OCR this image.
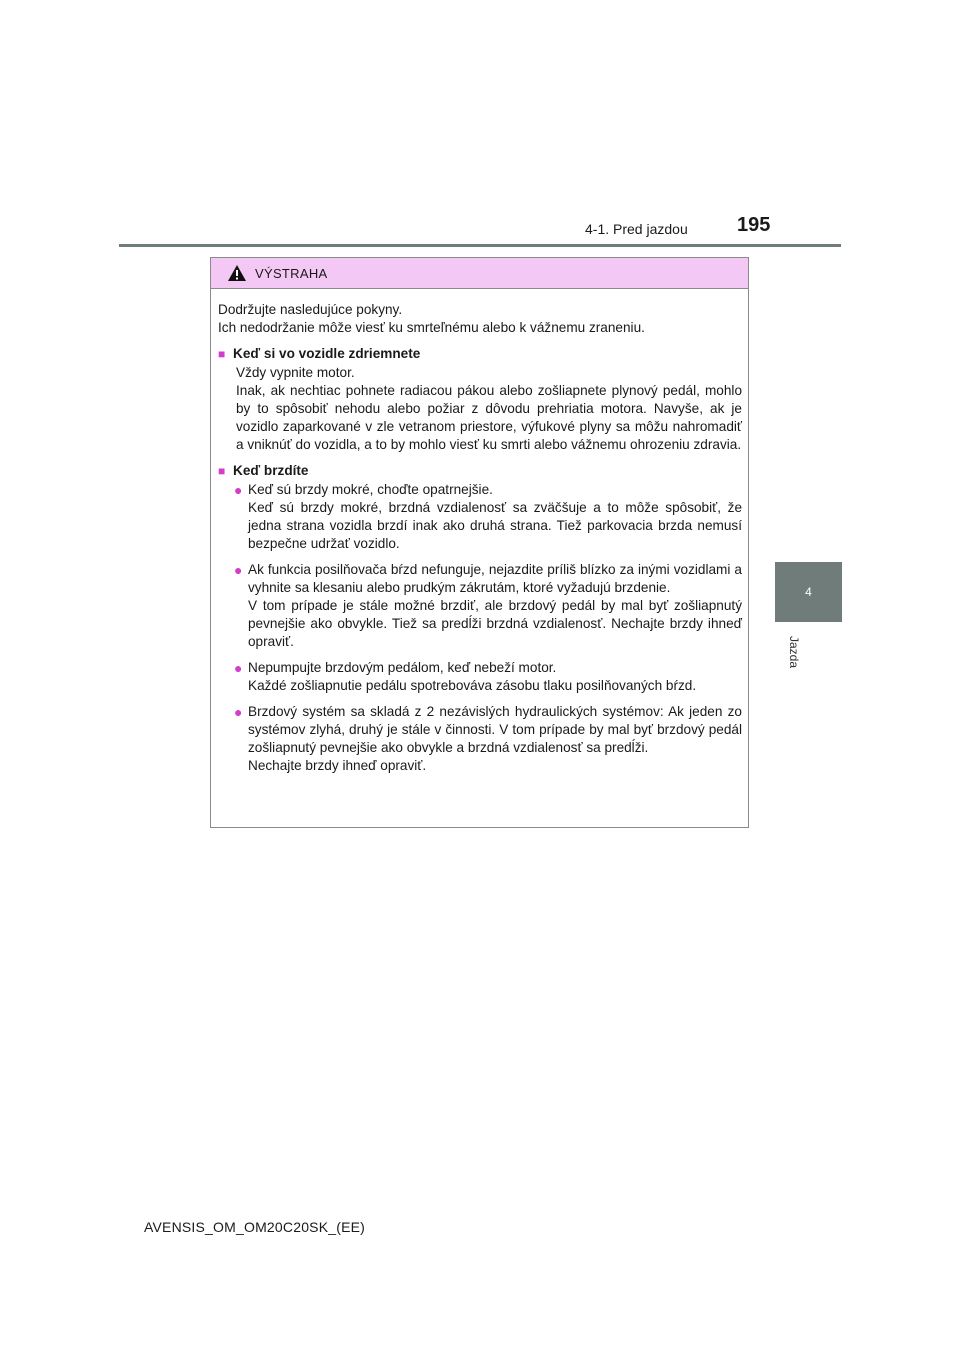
4-1. Pred jazdou 195
4
Jazda
VÝSTRAHA

Dodržujte nasledujúce pokyny.

Ich nedodržanie môže viesť ku smrteľnému alebo k vážnemu zraneniu.

■ Keď si vo vozidle zdriemnete

Vždy vypnite motor.

Inak, ak nechtiac pohnete radiacou pákou alebo zošliapnete plynový pedál, mohlo by to spôsobiť nehodu alebo požiar z dôvodu prehriatia motora. Navyše, ak je vozidlo zaparkované v zle vetranom priestore, výfukové plyny sa môžu nahromadiť a vniknúť do vozidla, a to by mohlo viesť ku smrti alebo vážnemu ohrozeniu zdravia.

■ Keď brzdíte
● Keď sú brzdy mokré, choďte opatrnejšie.

Keď sú brzdy mokré, brzdná vzdialenosť sa zväčšuje a to môže spôsobiť, že jedna strana vozidla brzdí inak ako druhá strana. Tiež parkovacia brzda nemusí bezpečne udržať vozidlo.

● Ak funkcia posilňovača bŕzd nefunguje, nejazdite príliš blízko za inými vozidlami a vyhnite sa klesaniu alebo prudkým zákrutám, ktoré vyžadujú brzdenie.

V tom prípade je stále možné brzdiť, ale brzdový pedál by mal byť zošliapnutý pevnejšie ako obvykle. Tiež sa predĺži brzdná vzdialenosť. Nechajte brzdy ihneď opraviť.

● Nepumpujte brzdovým pedálom, keď nebeží motor.

Každé zošliapnutie pedálu spotrebováva zásobu tlaku posilňovaných bŕzd.

● Brzdový systém sa skladá z 2 nezávislých hydraulických systémov: Ak jeden zo systémov zlyhá, druhý je stále v činnosti. V tom prípade by mal byť brzdový pedál zošliapnutý pevnejšie ako obvykle a brzdná vzdialenosť sa predĺži.

Nechajte brzdy ihneď opraviť.

AVENSIS_OM_OM20C20SK_(EE)
